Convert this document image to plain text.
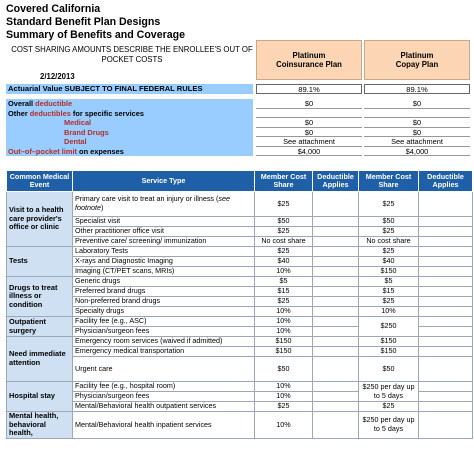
Covered California
Standard Benefit Plan Designs
Summary of Benefits and Coverage
COST SHARING AMOUNTS DESCRIBE THE ENROLLEE'S OUT OF POCKET COSTS
2/12/2013
Platinum
Coinsurance Plan
Platinum
Copay Plan
Actuarial Value SUBJECT TO FINAL FEDERAL RULES	89.1%	89.1%
Overall deductible	$0	$0
Other deductibles for specific services
Medical	$0	$0
Brand Drugs	$0	$0
Dental	See attachment	See attachment
Out–of–pocket limit on expenses	$4,000	$4,000
Common Medical Event	Service Type	Member Cost Share	Deductible Applies	Member Cost Share	Deductible Applies
Visit to a health care provider's office or clinic	Primary care visit to treat an injury or illness (see footnote)	$25		$25	
	Specialist visit	$50		$50	
	Other practitioner office visit	$25		$25	
	Preventive care/ screening/ immunization	No cost share		No cost share	
Tests	Laboratory Tests	$25		$25	
	X-rays and Diagnostic Imaging	$40		$40	
	Imaging (CT/PET scans, MRIs)	10%		$150	
Drugs to treat illness or condition	Generic drugs	$5		$5	
	Preferred brand drugs	$15		$15	
	Non-preferred brand drugs	$25		$25	
	Specialty drugs	10%		10%	
Outpatient surgery	Facility fee (e.g., ASC)	10%		$250	
	Physician/surgeon fees	10%			
Need immediate attention	Emergency room services (waived if admitted)	$150		$150	
	Emergency medical transportation	$150		$150	
	Urgent care	$50		$50	
Hospital stay	Facility fee (e.g., hospital room)	10%		$250 per day up to 5 days	
	Physician/surgeon fees	10%			
	Mental/Behavioral health outpatient services	$25		$25	
Mental health, behavioral health,	Mental/Behavioral health inpatient services	10%		$250 per day up to 5 days	
